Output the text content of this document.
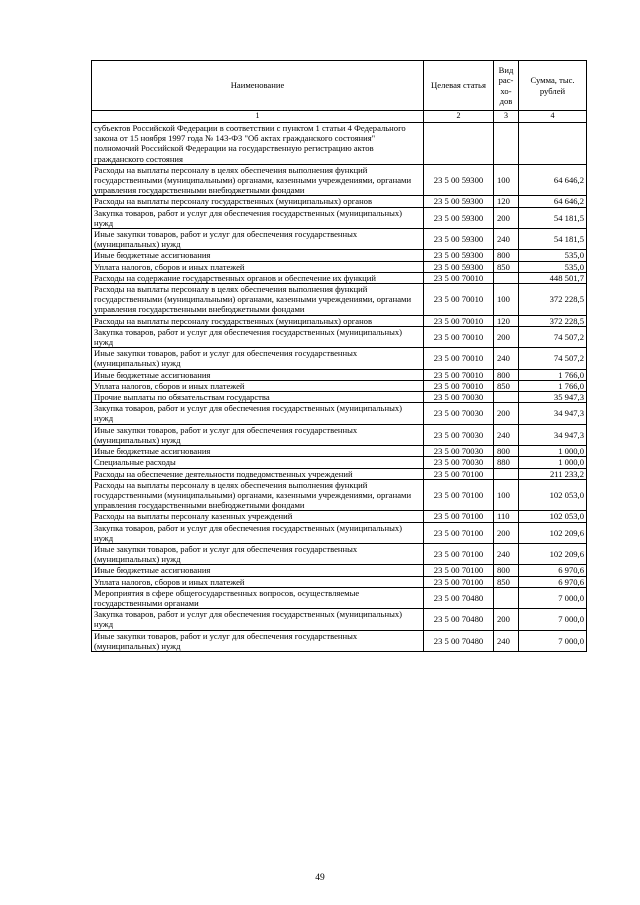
Наименование	Целевая статья	Вид рас-хо-дов	Сумма, тыс. рублей
1	2	3	4
субъектов Российской Федерации в соответствии с пунктом 1 статьи 4 Федерального закона от 15 ноября 1997 года № 143-ФЗ "Об актах гражданского состояния" полномочий Российской Федерации на государственную регистрацию актов гражданского состояния			
Расходы на выплаты персоналу в целях обеспечения выполнения функций государственными (муниципальными) органами, казенными учреждениями, органами управления государственными внебюджетными фондами	23 5 00 59300	100	64 646,2
Расходы на выплаты персоналу государственных (муниципальных) органов	23 5 00 59300	120	64 646,2
Закупка товаров, работ и услуг для обеспечения государственных (муниципальных) нужд	23 5 00 59300	200	54 181,5
Иные закупки товаров, работ и услуг для обеспечения государственных (муниципальных) нужд	23 5 00 59300	240	54 181,5
Иные бюджетные ассигнования	23 5 00 59300	800	535,0
Уплата налогов, сборов и иных платежей	23 5 00 59300	850	535,0
Расходы на содержание государственных органов и обеспечение их функций	23 5 00 70010		448 501,7
Расходы на выплаты персоналу в целях обеспечения выполнения функций государственными (муниципальными) органами, казенными учреждениями, органами управления государственными внебюджетными фондами	23 5 00 70010	100	372 228,5
Расходы на выплаты персоналу государственных (муниципальных) органов	23 5 00 70010	120	372 228,5
Закупка товаров, работ и услуг для обеспечения государственных (муниципальных) нужд	23 5 00 70010	200	74 507,2
Иные закупки товаров, работ и услуг для обеспечения государственных (муниципальных) нужд	23 5 00 70010	240	74 507,2
Иные бюджетные ассигнования	23 5 00 70010	800	1 766,0
Уплата налогов, сборов и иных платежей	23 5 00 70010	850	1 766,0
Прочие выплаты по обязательствам государства	23 5 00 70030		35 947,3
Закупка товаров, работ и услуг для обеспечения государственных (муниципальных) нужд	23 5 00 70030	200	34 947,3
Иные закупки товаров, работ и услуг для обеспечения государственных (муниципальных) нужд	23 5 00 70030	240	34 947,3
Иные бюджетные ассигнования	23 5 00 70030	800	1 000,0
Специальные расходы	23 5 00 70030	880	1 000,0
Расходы на обеспечение деятельности подведомственных учреждений	23 5 00 70100		211 233,2
Расходы на выплаты персоналу в целях обеспечения выполнения функций государственными (муниципальными) органами, казенными учреждениями, органами управления государственными внебюджетными фондами	23 5 00 70100	100	102 053,0
Расходы на выплаты персоналу казенных учреждений	23 5 00 70100	110	102 053,0
Закупка товаров, работ и услуг для обеспечения государственных (муниципальных) нужд	23 5 00 70100	200	102 209,6
Иные закупки товаров, работ и услуг для обеспечения государственных (муниципальных) нужд	23 5 00 70100	240	102 209,6
Иные бюджетные ассигнования	23 5 00 70100	800	6 970,6
Уплата налогов, сборов и иных платежей	23 5 00 70100	850	6 970,6
Мероприятия в сфере общегосударственных вопросов, осуществляемые государственными органами	23 5 00 70480		7 000,0
Закупка товаров, работ и услуг для обеспечения государственных (муниципальных) нужд	23 5 00 70480	200	7 000,0
Иные закупки товаров, работ и услуг для обеспечения государственных (муниципальных) нужд	23 5 00 70480	240	7 000,0
49
